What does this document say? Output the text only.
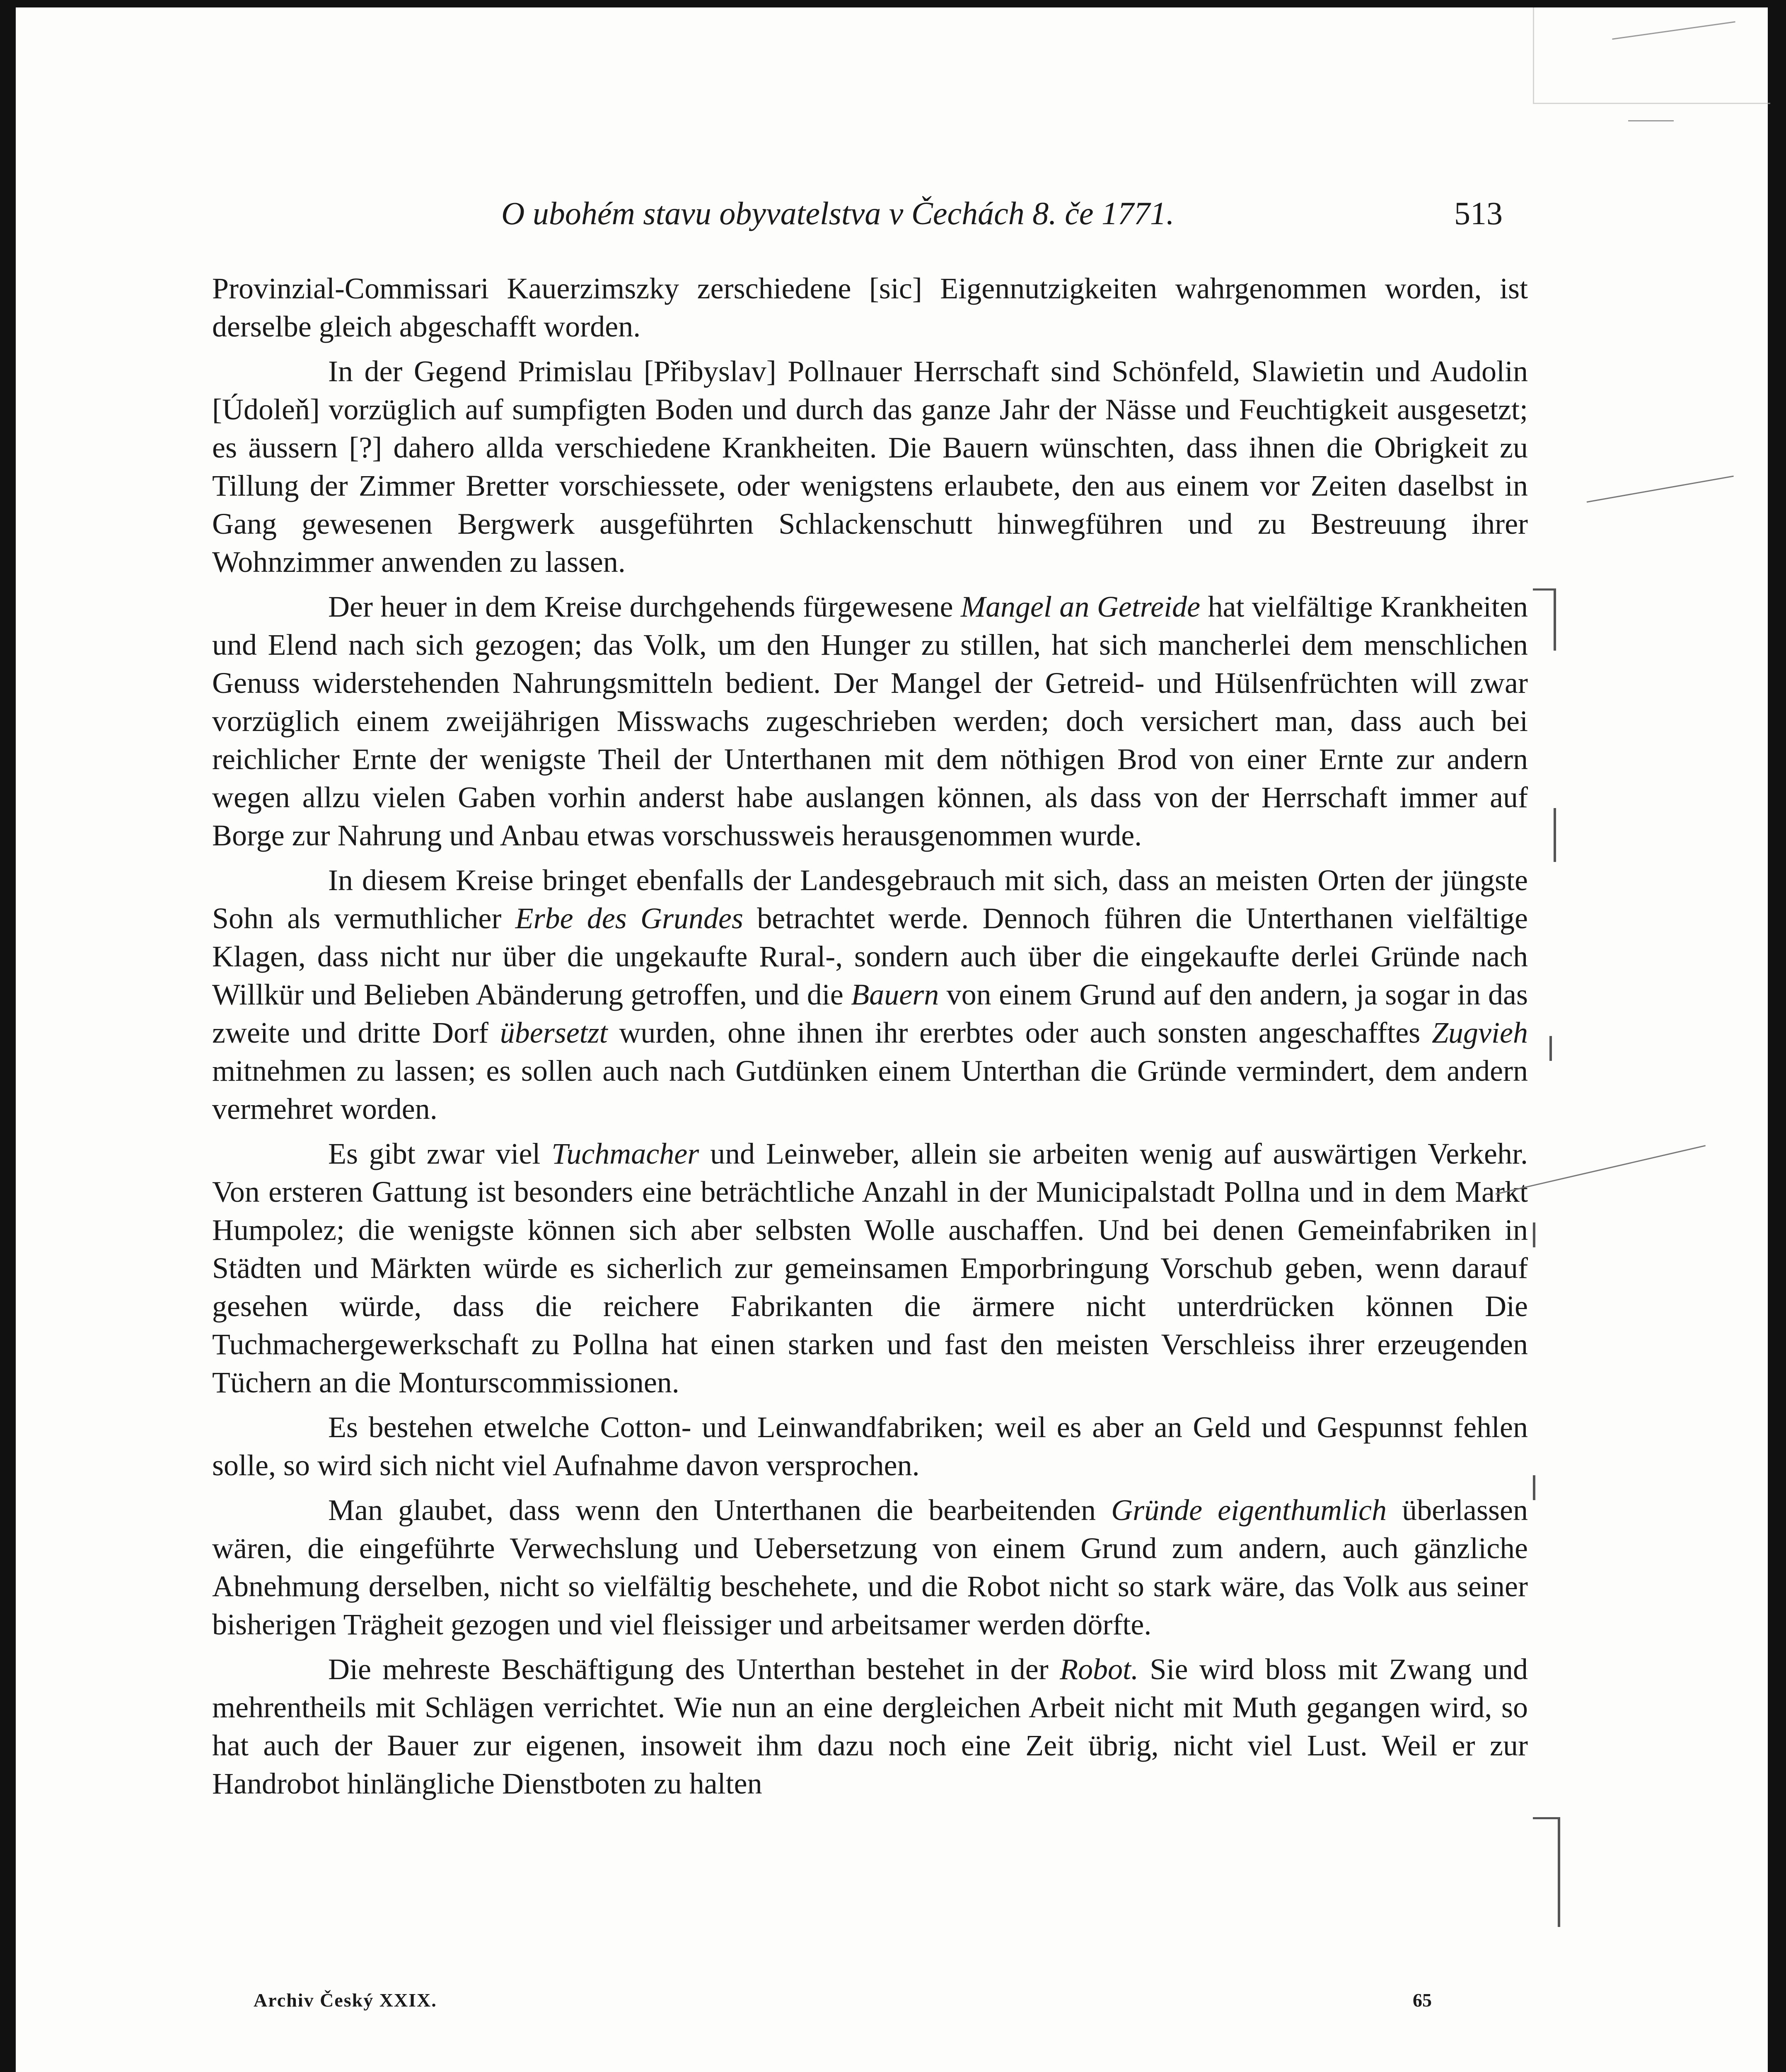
O ubohém stavu obyvatelstva v Čechách 8. če 1771.	513

Provinzial-Commissari Kauerzimszky zerschiedene [sic] Eigennutzigkeiten wahrgenommen worden, ist derselbe gleich abgeschafft worden.

In der Gegend Primislau [Přibyslav] Pollnauer Herrschaft sind Schönfeld, Slawietin und Audolin [Údoleň] vorzüglich auf sumpfigten Boden und durch das ganze Jahr der Nässe und Feuchtigkeit ausgesetzt; es äussern [?] dahero allda verschiedene Krankheiten. Die Bauern wünschten, dass ihnen die Obrigkeit zu Tillung der Zimmer Bretter vorschiessete, oder wenigstens erlaubete, den aus einem vor Zeiten daselbst in Gang gewesenen Bergwerk ausgeführten Schlackenschutt hinwegführen und zu Bestreuung ihrer Wohnzimmer anwenden zu lassen.

Der heuer in dem Kreise durchgehends fürgewesene Mangel an Getreide hat vielfältige Krankheiten und Elend nach sich gezogen; das Volk, um den Hunger zu stillen, hat sich mancherlei dem menschlichen Genuss widerstehenden Nahrungsmitteln bedient. Der Mangel der Getreid- und Hülsenfrüchten will zwar vorzüglich einem zweijährigen Misswachs zugeschrieben werden; doch versichert man, dass auch bei reichlicher Ernte der wenigste Theil der Unterthanen mit dem nöthigen Brod von einer Ernte zur andern wegen allzu vielen Gaben vorhin anderst habe auslangen können, als dass von der Herrschaft immer auf Borge zur Nahrung und Anbau etwas vorschussweis herausgenommen wurde.

In diesem Kreise bringet ebenfalls der Landesgebrauch mit sich, dass an meisten Orten der jüngste Sohn als vermuthlicher Erbe des Grundes betrachtet werde. Dennoch führen die Unterthanen vielfältige Klagen, dass nicht nur über die ungekaufte Rural-, sondern auch über die eingekaufte derlei Gründe nach Willkür und Belieben Abänderung getroffen, und die Bauern von einem Grund auf den andern, ja sogar in das zweite und dritte Dorf übersetzt wurden, ohne ihnen ihr ererbtes oder auch sonsten angeschafftes Zugvieh mitnehmen zu lassen; es sollen auch nach Gutdünken einem Unterthan die Gründe vermindert, dem andern vermehret worden.

Es gibt zwar viel Tuchmacher und Leinweber, allein sie arbeiten wenig auf auswärtigen Verkehr. Von ersteren Gattung ist besonders eine beträchtliche Anzahl in der Municipalstadt Pollna und in dem Markt Humpolez; die wenigste können sich aber selbsten Wolle auschaffen. Und bei denen Gemeinfabriken in Städten und Märkten würde es sicherlich zur gemeinsamen Emporbringung Vorschub geben, wenn darauf gesehen würde, dass die reichere Fabrikanten die ärmere nicht unterdrücken können Die Tuchmachergewerkschaft zu Pollna hat einen starken und fast den meisten Verschleiss ihrer erzeugenden Tüchern an die Monturscommissionen.

Es bestehen etwelche Cotton- und Leinwandfabriken; weil es aber an Geld und Gespunnst fehlen solle, so wird sich nicht viel Aufnahme davon versprochen.

Man glaubet, dass wenn den Unterthanen die bearbeitenden Gründe eigenthumlich überlassen wären, die eingeführte Verwechslung und Uebersetzung von einem Grund zum andern, auch gänzliche Abnehmung derselben, nicht so vielfältig beschehete, und die Robot nicht so stark wäre, das Volk aus seiner bisherigen Trägheit gezogen und viel fleissiger und arbeitsamer werden dörfte.

Die mehreste Beschäftigung des Unterthan bestehet in der Robot. Sie wird bloss mit Zwang und mehrentheils mit Schlägen verrichtet. Wie nun an eine dergleichen Arbeit nicht mit Muth gegangen wird, so hat auch der Bauer zur eigenen, insoweit ihm dazu noch eine Zeit übrig, nicht viel Lust. Weil er zur Handrobot hinlängliche Dienstboten zu halten

Archiv Český XXIX.	65
